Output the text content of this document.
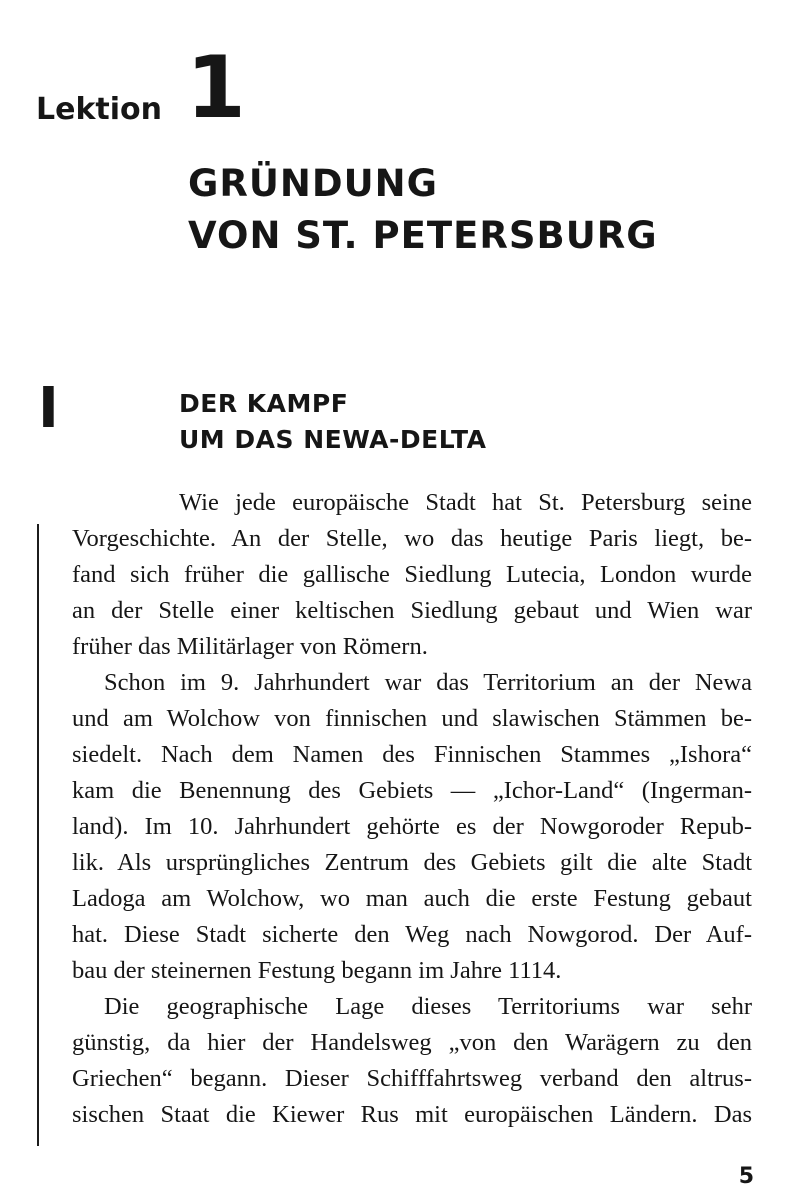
Lektion 1
GRÜNDUNG
VON ST. PETERSBURG
I	DER KAMPF
UM DAS NEWA-DELTA

Wie jede europäische Stadt hat St. Petersburg seine
Vorgeschichte. An der Stelle, wo das heutige Paris liegt, be-
fand sich früher die gallische Siedlung Lutecia, London wurde
an der Stelle einer keltischen Siedlung gebaut und Wien war
früher das Militärlager von Römern.

Schon im 9. Jahrhundert war das Territorium an der Newa
und am Wolchow von finnischen und slawischen Stämmen be-
siedelt. Nach dem Namen des Finnischen Stammes „Ishora“
kam die Benennung des Gebiets — „Ichor-Land“ (Ingerman-
land). Im 10. Jahrhundert gehörte es der Nowgoroder Repub-
lik. Als ursprüngliches Zentrum des Gebiets gilt die alte Stadt
Ladoga am Wolchow, wo man auch die erste Festung gebaut
hat. Diese Stadt sicherte den Weg nach Nowgorod. Der Auf-
bau der steinernen Festung begann im Jahre 1114.

Die geographische Lage dieses Territoriums war sehr
günstig, da hier der Handelsweg „von den Warägern zu den
Griechen“ begann. Dieser Schifffahrtsweg verband den altrus-
sischen Staat die Kiewer Rus mit europäischen Ländern. Das

5
